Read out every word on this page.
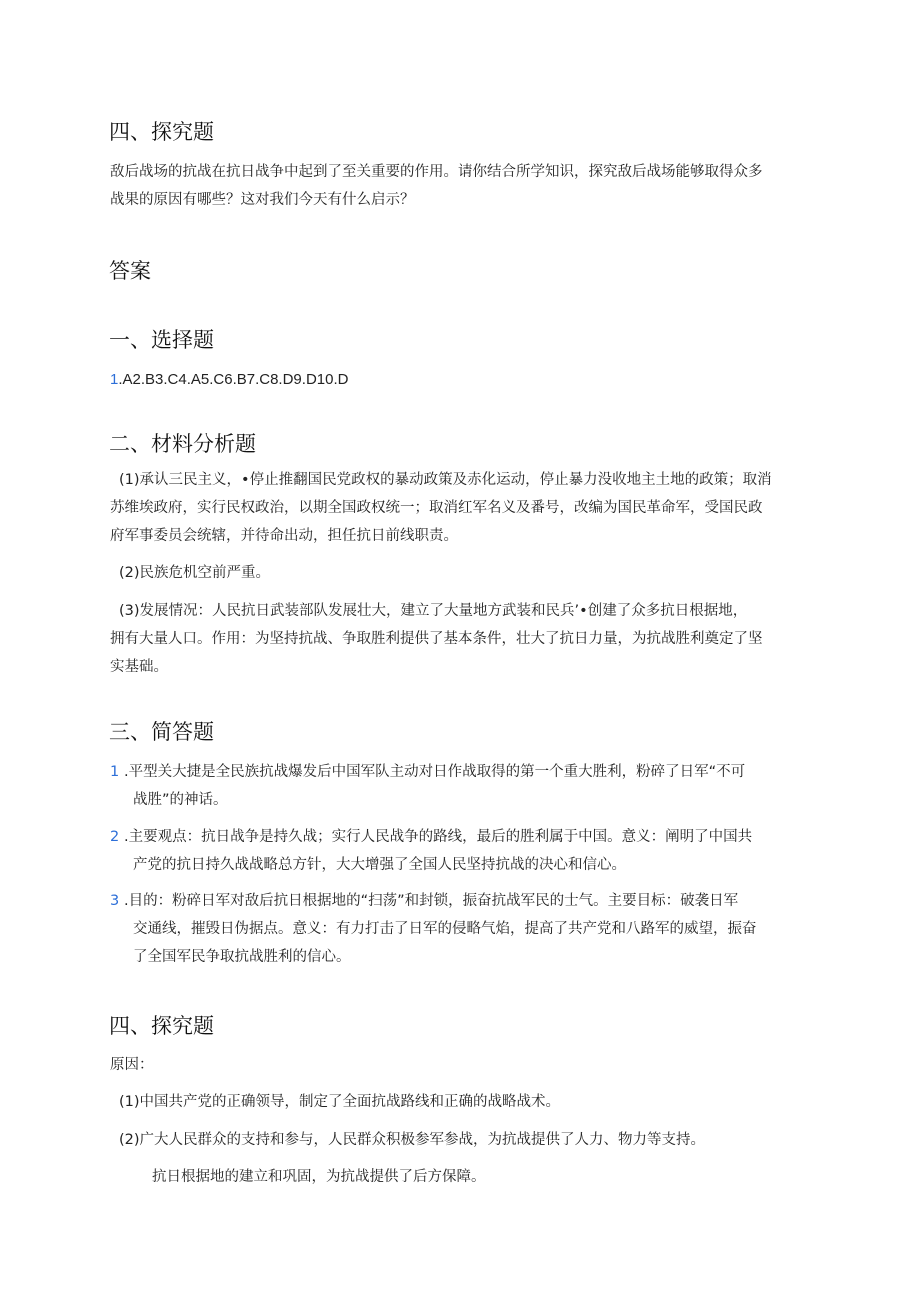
四、探究题
敌后战场的抗战在抗日战争中起到了至关重要的作用。请你结合所学知识，探究敌后战场能够取得众多
战果的原因有哪些？这对我们今天有什么启示？
答案
一、选择题
1.A2.B3.C4.A5.C6.B7.C8.D9.D10.D
二、材料分析题
(1)承认三民主义，•停止推翻国民党政权的暴动政策及赤化运动，停止暴力没收地主土地的政策；取消
苏维埃政府，实行民权政治，以期全国政权统一；取消红军名义及番号，改编为国民革命军，受国民政
府军事委员会统辖，并待命出动，担任抗日前线职责。
(2)民族危机空前严重。
(3)发展情况：人民抗日武装部队发展壮大，建立了大量地方武装和民兵’•创建了众多抗日根据地，
拥有大量人口。作用：为坚持抗战、争取胜利提供了基本条件，壮大了抗日力量，为抗战胜利奠定了坚
实基础。
三、简答题
1 .平型关大捷是全民族抗战爆发后中国军队主动对日作战取得的第一个重大胜利，粉碎了日军“不可
战胜”的神话。
2 .主要观点：抗日战争是持久战；实行人民战争的路线，最后的胜利属于中国。意义：阐明了中国共
产党的抗日持久战战略总方针，大大增强了全国人民坚持抗战的决心和信心。
3 .目的：粉碎日军对敌后抗日根据地的“扫荡”和封锁，振奋抗战军民的士气。主要目标：破袭日军
交通线，摧毁日伪据点。意义：有力打击了日军的侵略气焰，提高了共产党和八路军的威望，振奋
了全国军民争取抗战胜利的信心。
四、探究题
原因：
(1)中国共产党的正确领导，制定了全面抗战路线和正确的战略战术。
(2)广大人民群众的支持和参与，人民群众积极参军参战，为抗战提供了人力、物力等支持。
抗日根据地的建立和巩固，为抗战提供了后方保障。
